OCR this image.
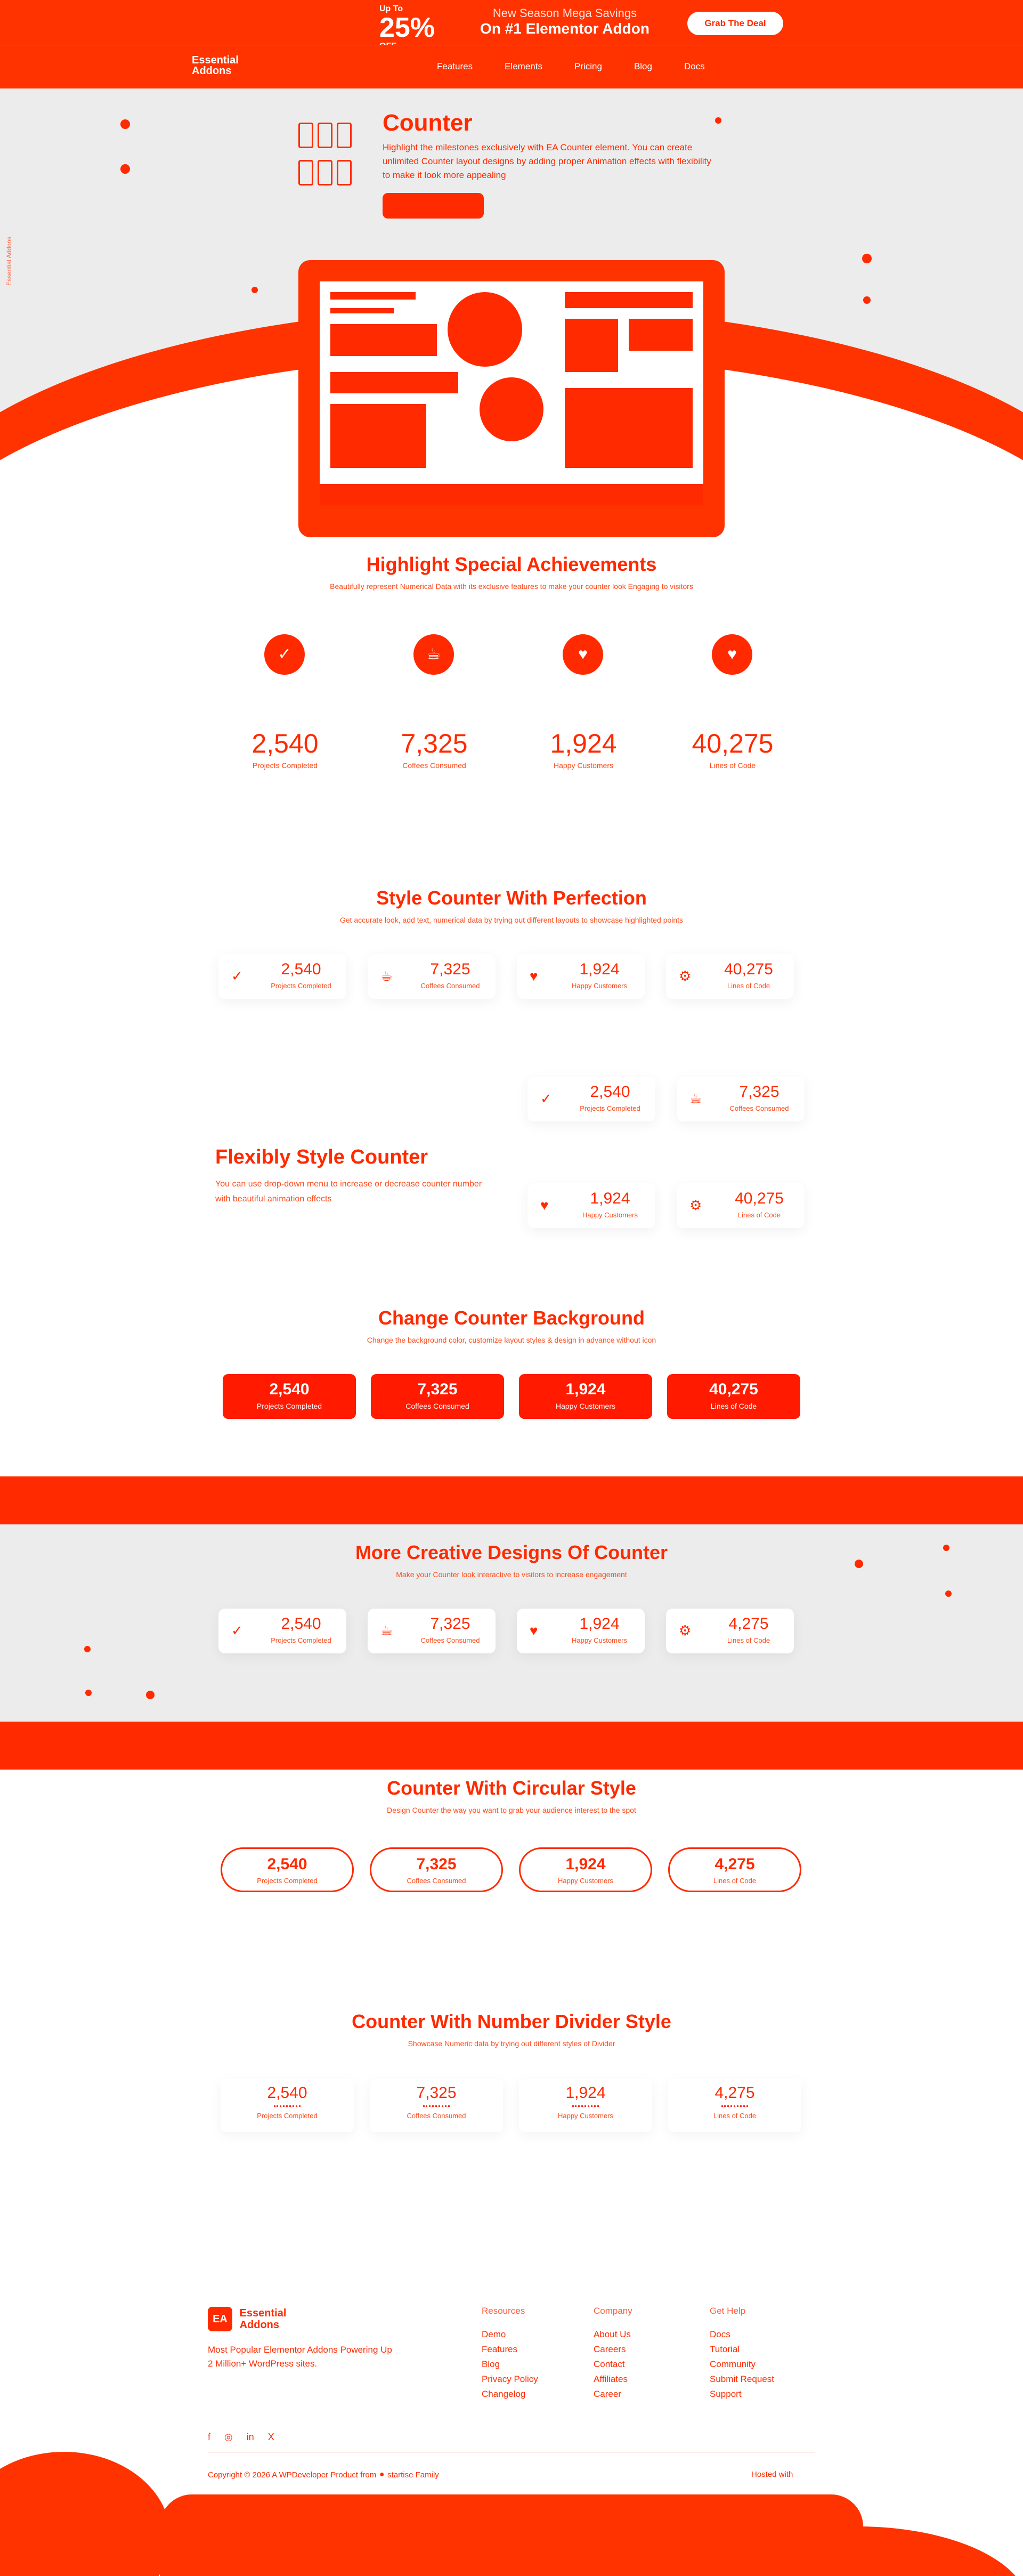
Up To
25%	New Season Mega Savings
On #1 Elementor Addon	Grab The Deal
Essential
Addons	Features	Elements	Pricing	Blog	Docs
Essential Addons
Counter
Highlight the milestones exclusively with EA Counter element. You can create unlimited Counter layout designs by adding proper Animation effects with flexibility to make it look more appealing
Highlight Special Achievements
Beautifully represent Numerical Data with its exclusive features to make your counter look Engaging to visitors
✓
2,540
Projects Completed
☕
7,325
Coffees Consumed
♥
1,924
Happy Customers
♥
40,275
Lines of Code
Style Counter With Perfection
Get accurate look, add text, numerical data by trying out different layouts to showcase highlighted points
✓	2,540
Projects Completed
☕	7,325
Coffees Consumed
♥	1,924
Happy Customers
⚙	40,275
Lines of Code
Flexibly Style Counter
You can use drop-down menu to increase or decrease counter number with beautiful animation effects
✓	2,540
Projects Completed
☕	7,325
Coffees Consumed
♥	1,924
Happy Customers
⚙	40,275
Lines of Code
Change Counter Background
Change the background color, customize layout styles & design in advance without icon
2,540
Projects Completed
7,325
Coffees Consumed
1,924
Happy Customers
40,275
Lines of Code
More Creative Designs Of Counter
Make your Counter look interactive to visitors to increase engagement
✓	2,540
Projects Completed
☕	7,325
Coffees Consumed
♥	1,924
Happy Customers
⚙	4,275
Lines of Code
Counter With Circular Style
Design Counter the way you want to grab your audience interest to the spot
2,540
Projects Completed
7,325
Coffees Consumed
1,924
Happy Customers
4,275
Lines of Code
Counter With Number Divider Style
Showcase Numeric data by trying out different styles of Divider
2,540
Projects Completed
7,325
Coffees Consumed
1,924
Happy Customers
4,275
Lines of Code
EA Essential
Addons
Most Popular Elementor Addons Powering Up 2 Million+ WordPress sites.
Resources
Demo
Features
Blog
Privacy Policy
Changelog
Company
About Us
Careers
Contact
Affiliates
Career
Get Help
Docs
Tutorial
Community
Submit Request
Support
f ◎ in X
Copyright © 2026 A WPDeveloper Product from ⚫ startise Family	Hosted with
